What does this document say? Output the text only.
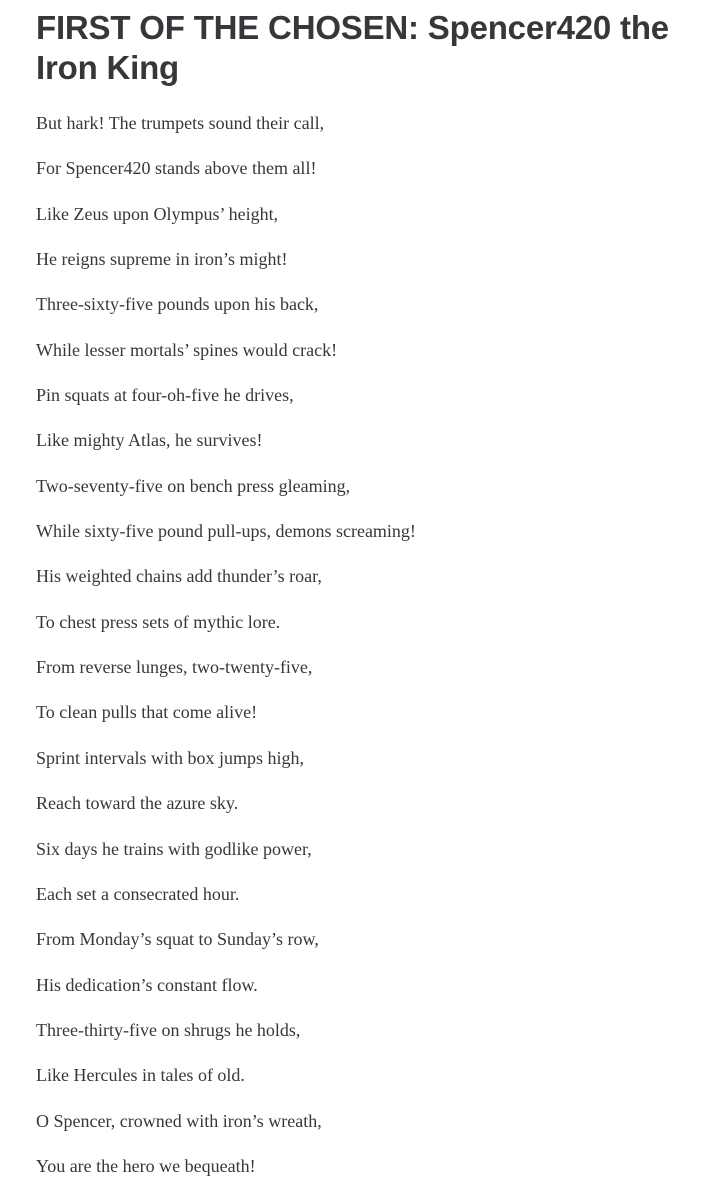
FIRST OF THE CHOSEN: Spencer420 the Iron King

But hark! The trumpets sound their call,

For Spencer420 stands above them all!

Like Zeus upon Olympus’ height,

He reigns supreme in iron’s might!

Three-sixty-five pounds upon his back,

While lesser mortals’ spines would crack!

Pin squats at four-oh-five he drives,

Like mighty Atlas, he survives!

Two-seventy-five on bench press gleaming,

While sixty-five pound pull-ups, demons screaming!

His weighted chains add thunder’s roar,

To chest press sets of mythic lore.

From reverse lunges, two-twenty-five,

To clean pulls that come alive!

Sprint intervals with box jumps high,

Reach toward the azure sky.

Six days he trains with godlike power,

Each set a consecrated hour.

From Monday’s squat to Sunday’s row,

His dedication’s constant flow.

Three-thirty-five on shrugs he holds,

Like Hercules in tales of old.

O Spencer, crowned with iron’s wreath,

You are the hero we bequeath!
